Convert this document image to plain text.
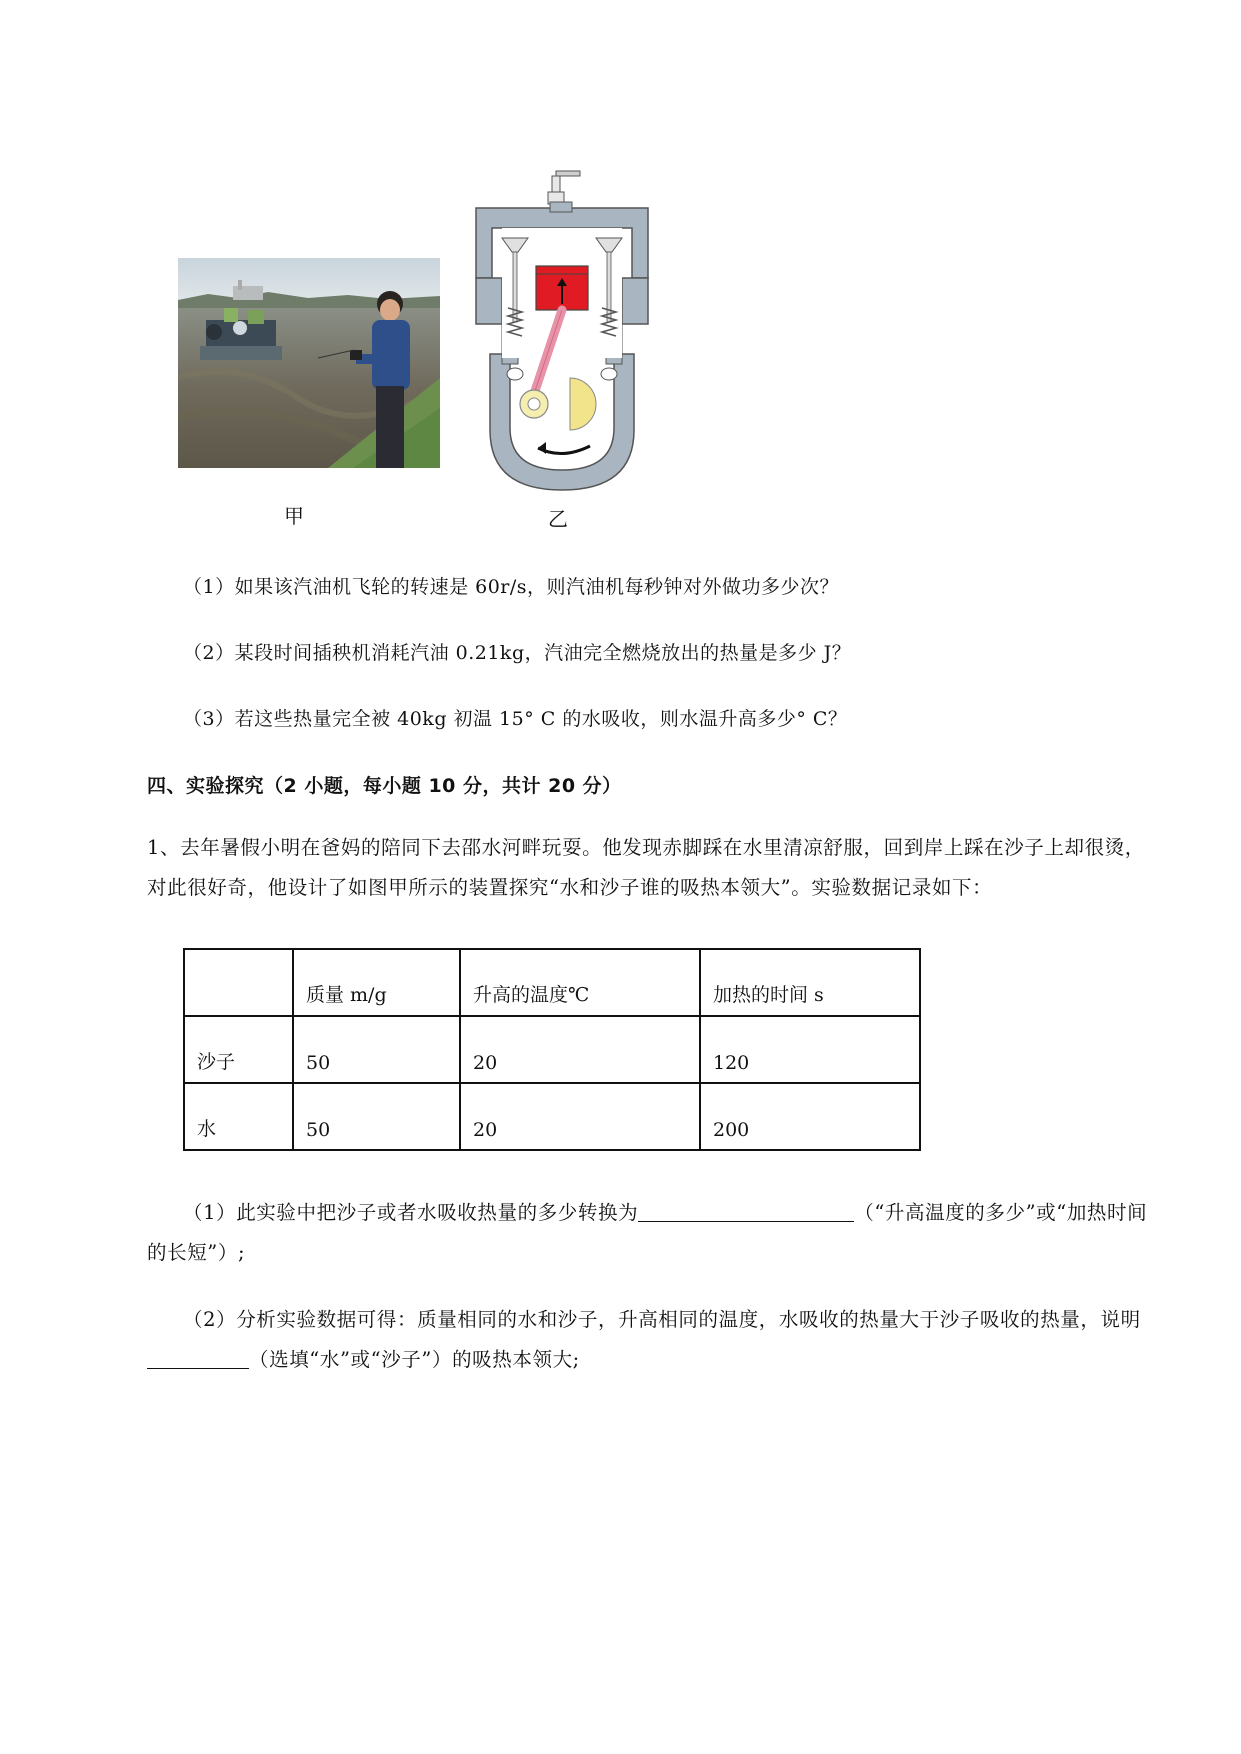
甲	乙
（1）如果该汽油机飞轮的转速是 60r/s，则汽油机每秒钟对外做功多少次？
（2）某段时间插秧机消耗汽油 0.21kg，汽油完全燃烧放出的热量是多少 J？
（3）若这些热量完全被 40kg 初温 15° C 的水吸收，则水温升高多少° C？
四、实验探究（2 小题，每小题 10 分，共计 20 分）
1、去年暑假小明在爸妈的陪同下去邵水河畔玩耍。他发现赤脚踩在水里清凉舒服，回到岸上踩在沙子上却很烫，对此很好奇，他设计了如图甲所示的装置探究“水和沙子谁的吸热本领大”。实验数据记录如下：
	质量 m/g	升高的温度℃	加热的时间 s
沙子	50	20	120
水	50	20	200
（1）此实验中把沙子或者水吸收热量的多少转换为	（“升高温度的多少”或“加热时间的长短”）;
（2）分析实验数据可得：质量相同的水和沙子，升高相同的温度，水吸收的热量大于沙子吸收的热量，说明（选填“水”或“沙子”）的吸热本领大;
